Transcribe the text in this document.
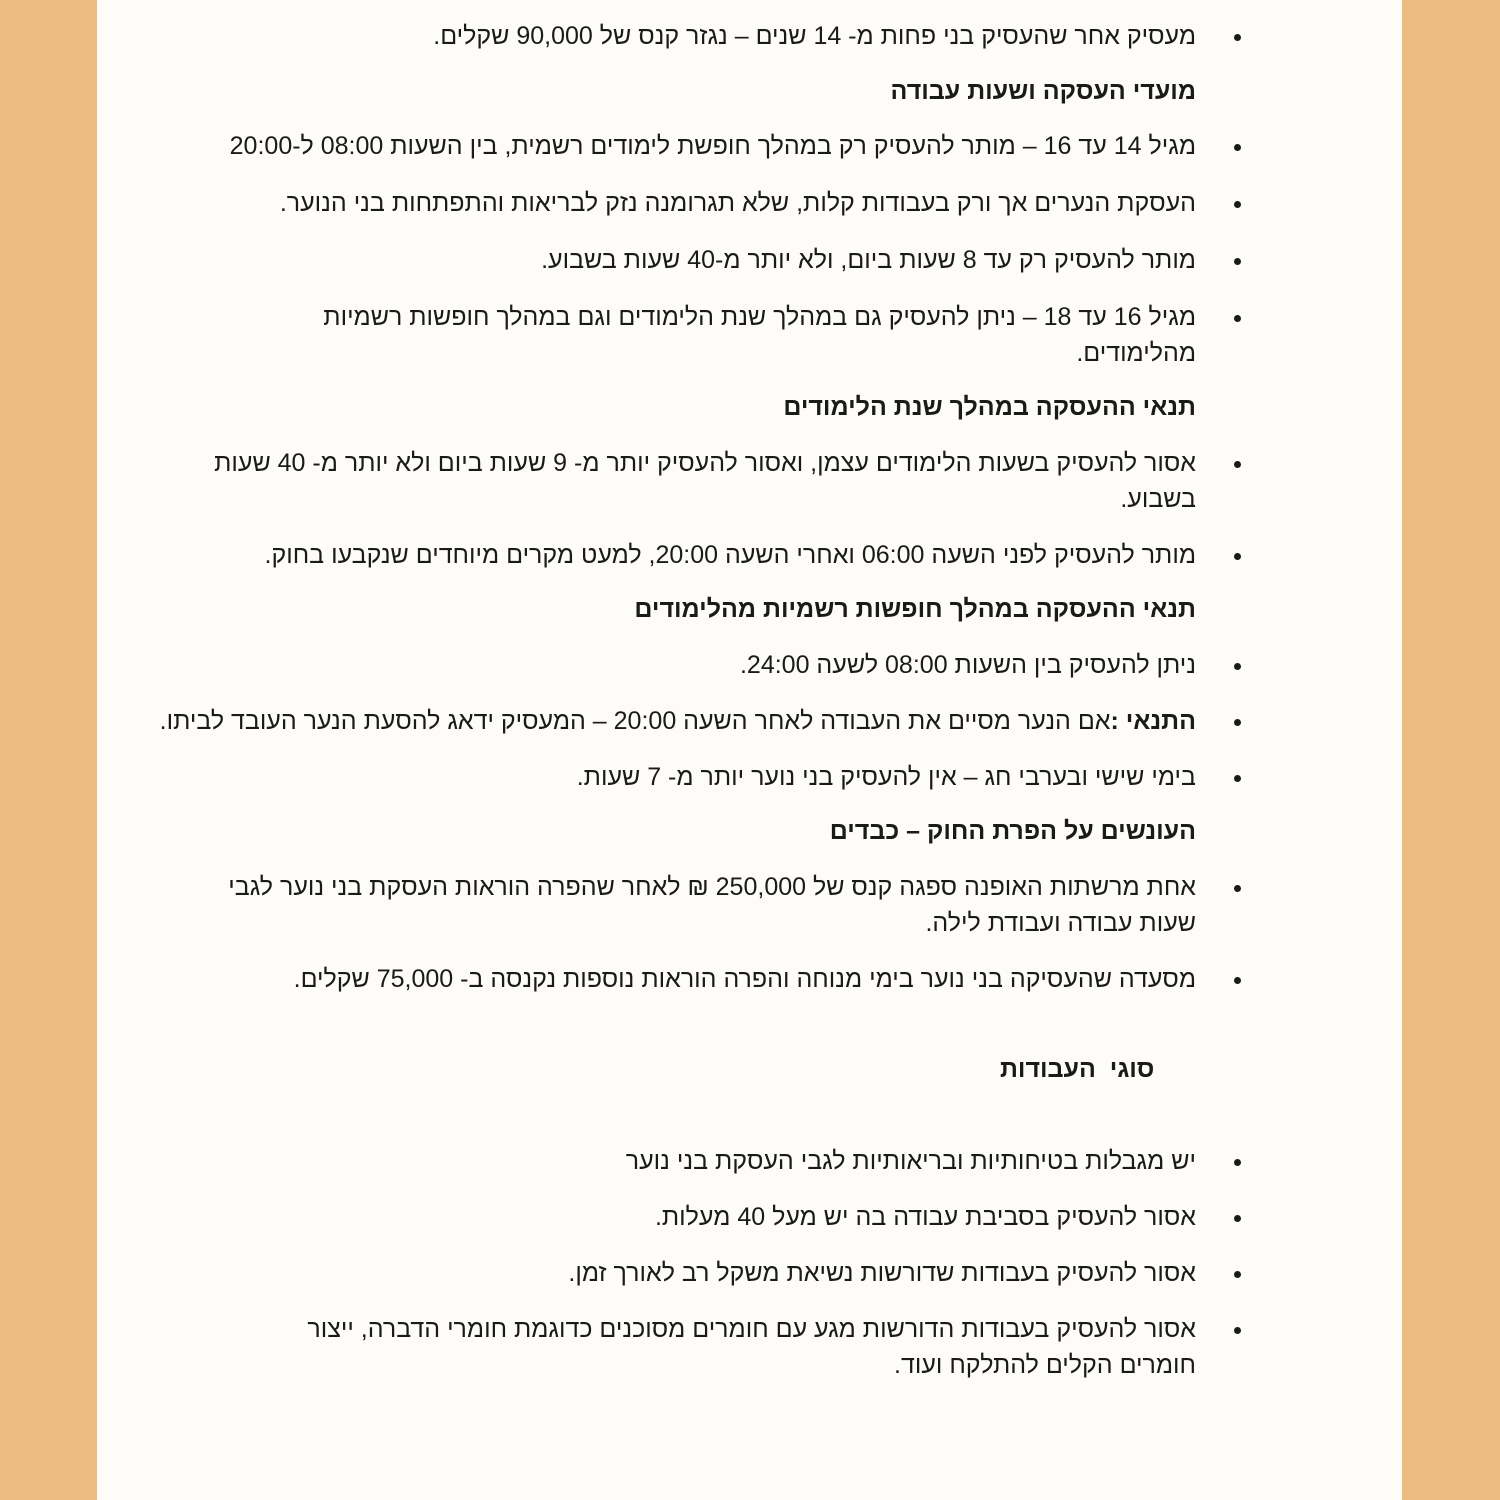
מעסיק אחר שהעסיק בני פחות מ- 14 שנים – נגזר קנס של 90,000 שקלים.

מועדי העסקה ושעות עבודה

מגיל 14 עד 16 – מותר להעסיק רק במהלך חופשת לימודים רשמית, בין השעות 08:00 ל-20:00

העסקת הנערים אך ורק בעבודות קלות, שלא תגרומנה נזק לבריאות והתפתחות בני הנוער.

מותר להעסיק רק עד 8 שעות ביום, ולא יותר מ-40 שעות בשבוע.

מגיל 16 עד 18 – ניתן להעסיק גם במהלך שנת הלימודים וגם במהלך חופשות רשמיות מהלימודים.

תנאי ההעסקה במהלך שנת הלימודים

אסור להעסיק בשעות הלימודים עצמן, ואסור להעסיק יותר מ- 9 שעות ביום ולא יותר מ- 40 שעות בשבוע.

מותר להעסיק לפני השעה 06:00 ואחרי השעה 20:00, למעט מקרים מיוחדים שנקבעו בחוק.

תנאי ההעסקה במהלך חופשות רשמיות מהלימודים

ניתן להעסיק בין השעות 08:00 לשעה 24:00.

התנאי :אם הנער מסיים את העבודה לאחר השעה 20:00 – המעסיק ידאג להסעת הנער העובד לביתו.

בימי שישי ובערבי חג – אין להעסיק בני נוער יותר מ- 7 שעות.

העונשים על הפרת החוק – כבדים

אחת מרשתות האופנה ספגה קנס של 250,000 ₪ לאחר שהפרה הוראות העסקת בני נוער לגבי שעות עבודה ועבודת לילה.

מסעדה שהעסיקה בני נוער בימי מנוחה והפרה הוראות נוספות נקנסה ב- 75,000 שקלים.

סוגי  העבודות

יש מגבלות בטיחותיות ובריאותיות לגבי העסקת בני נוער

אסור להעסיק בסביבת עבודה בה יש מעל 40 מעלות.

אסור להעסיק בעבודות שדורשות נשיאת משקל רב לאורך זמן.

אסור להעסיק בעבודות הדורשות מגע עם חומרים מסוכנים כדוגמת חומרי הדברה, ייצור חומרים הקלים להתלקח ועוד.
